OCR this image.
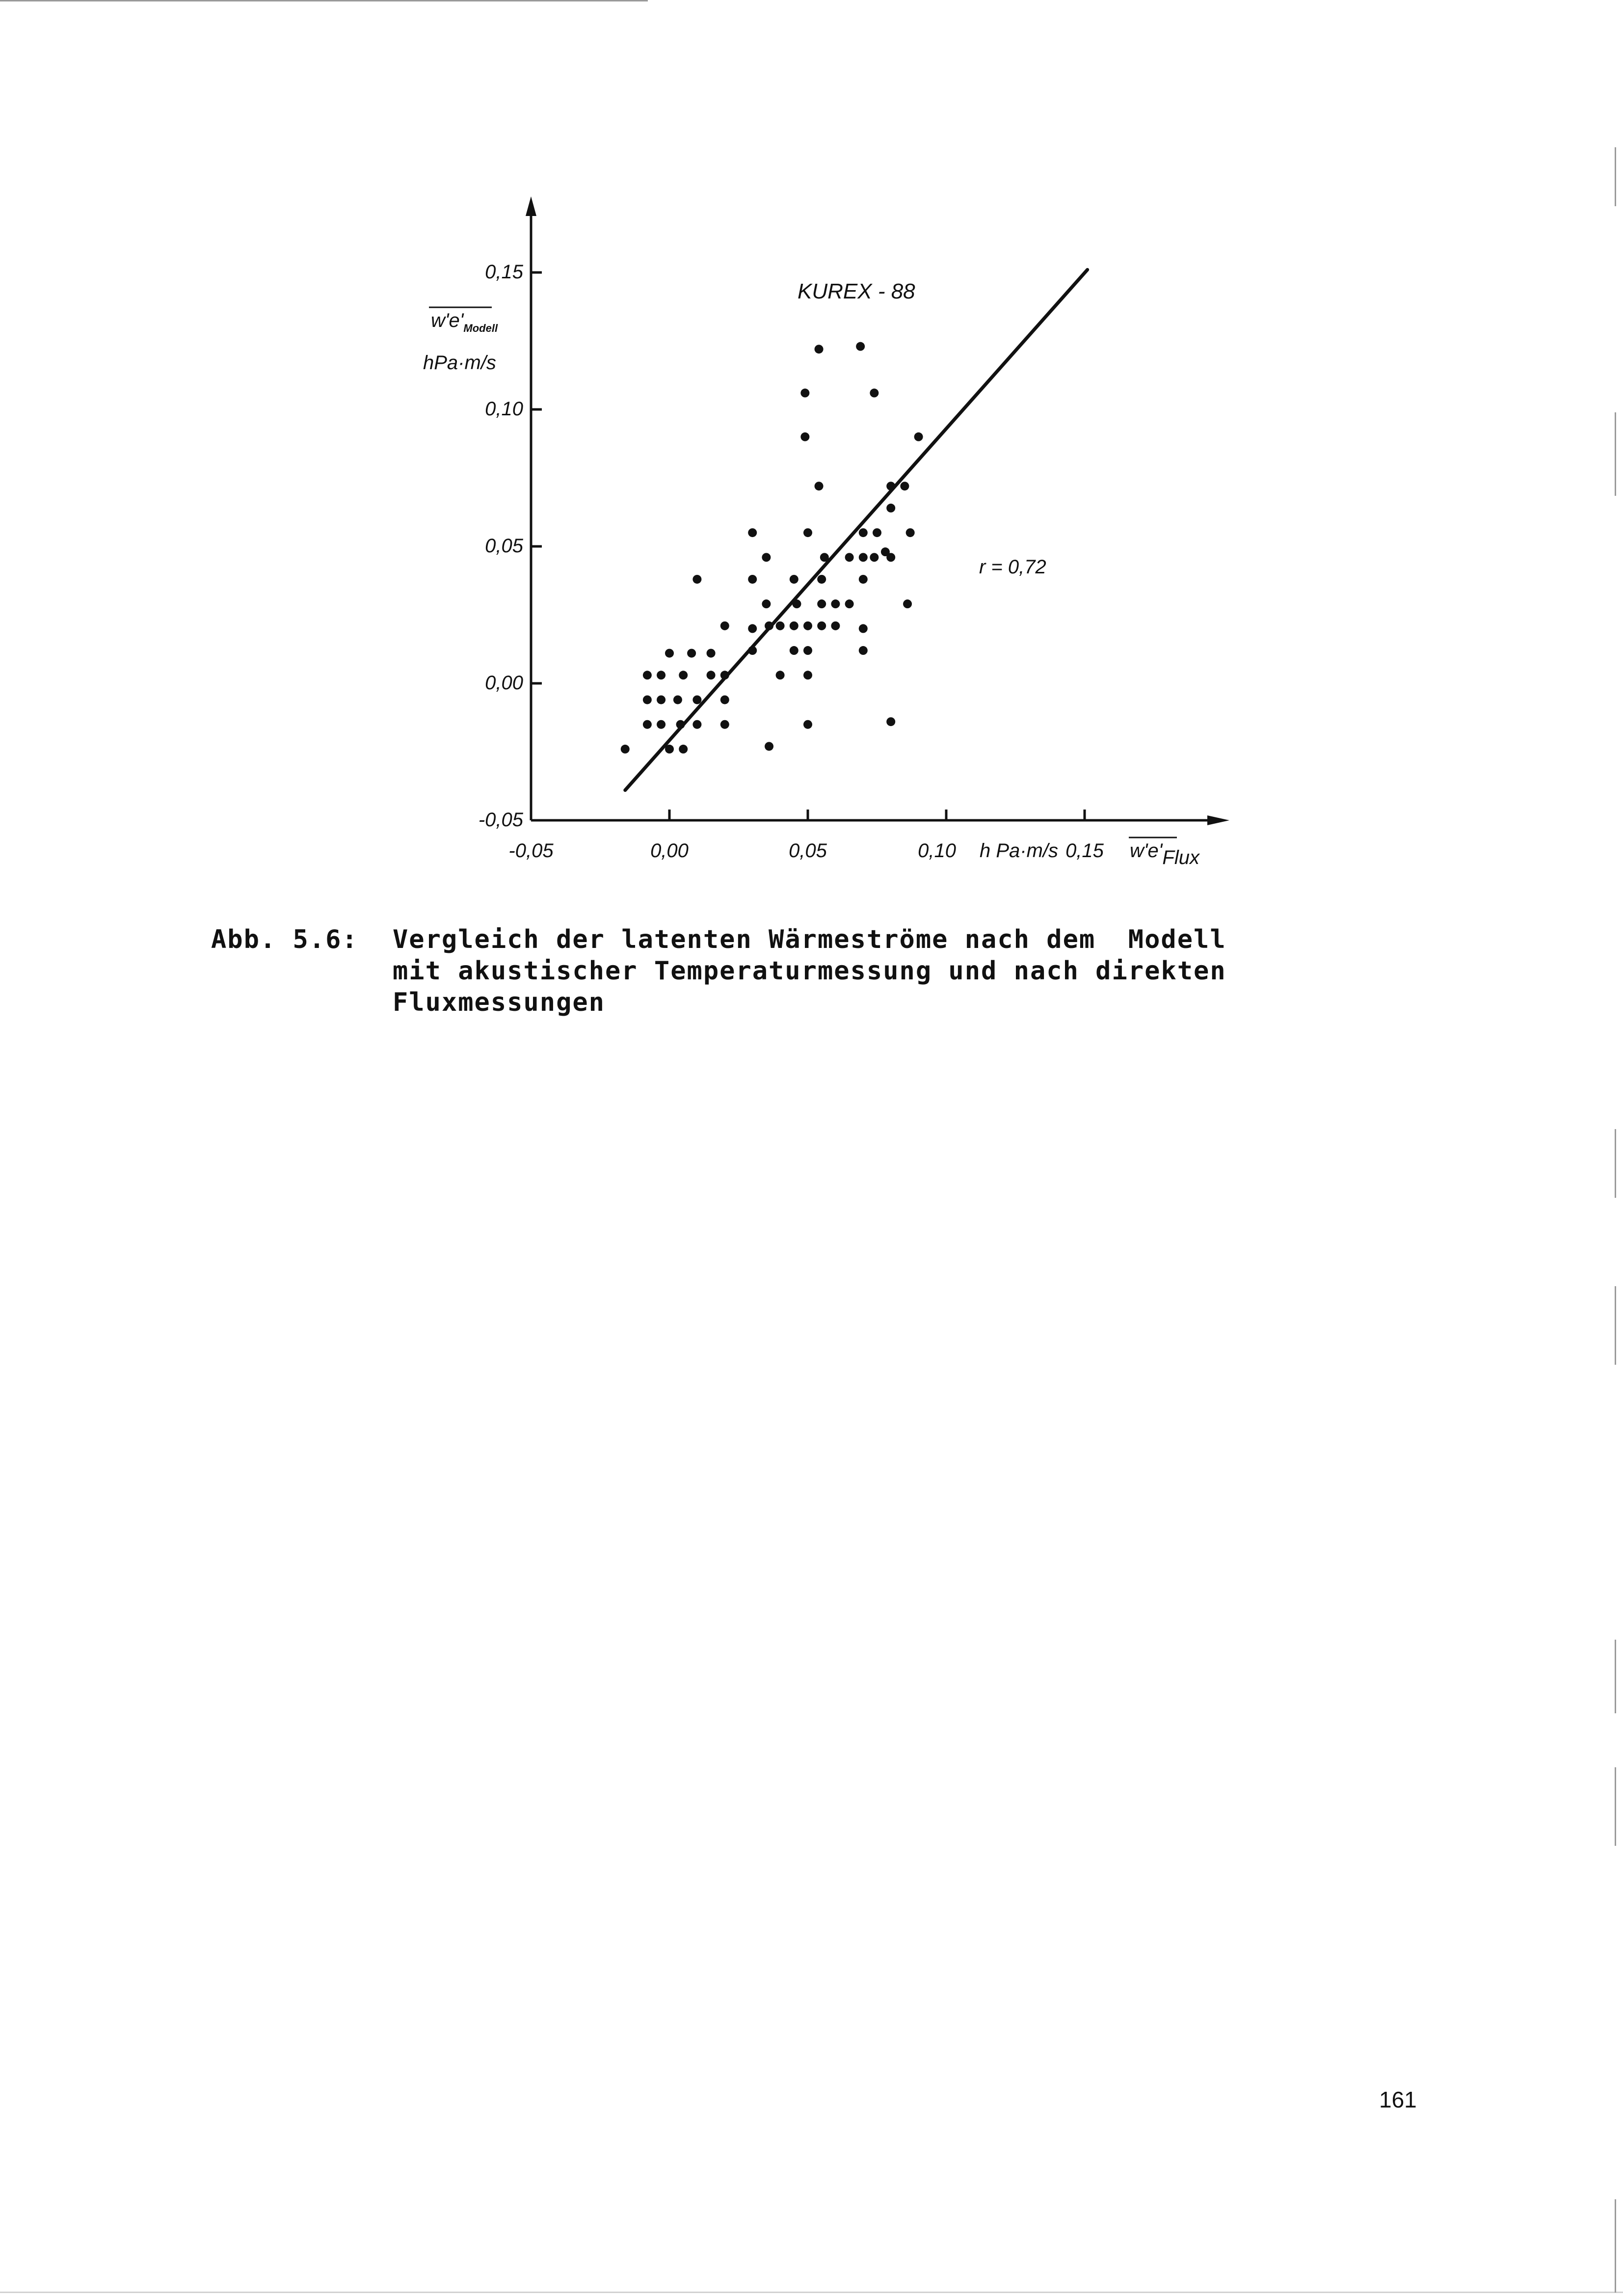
-0,05
0,00
0,05
0,10
0,15
-0,05	0,00	0,05	0,10	0,15
KUREX - 88
r = 0,72
$w'e'_{Modell}$
hPa·m/s
h Pa·m/s	w'e'Flux
Abb. 5.6: Vergleich der latenten Wärmeströme nach dem  Modell
mit akustischer Temperaturmessung und nach direkten
Fluxmessungen
161
